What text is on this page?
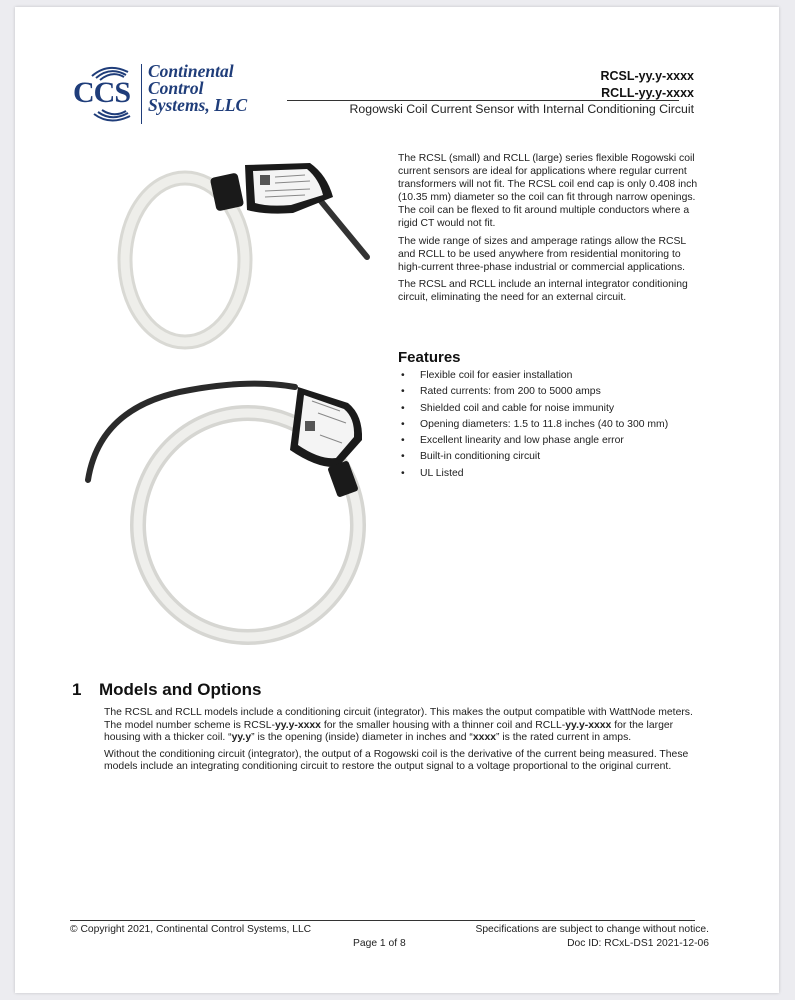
CCS
Continental
Control
Systems, LLC
RCSL-yy.y-xxxx
RCLL-yy.y-xxxx
Rogowski Coil Current Sensor with Internal Conditioning Circuit

The RCSL (small) and RCLL (large) series flexible Rogowski coil current sensors are ideal for applications where regular current transformers will not fit. The RCSL coil end cap is only 0.408 inch (10.35 mm) diameter so the coil can fit through narrow openings. The coil can be flexed to fit around multiple conductors where a rigid CT would not fit.

The wide range of sizes and amperage ratings allow the RCSL and RCLL to be used anywhere from residential monitoring to high-current three-phase industrial or commercial applications.

The RCSL and RCLL include an internal integrator conditioning circuit, eliminating the need for an external circuit.

Features
• Flexible coil for easier installation
• Rated currents: from 200 to 5000 amps
• Shielded coil and cable for noise immunity
• Opening diameters: 1.5 to 11.8 inches (40 to 300 mm)
• Excellent linearity and low phase angle error
• Built-in conditioning circuit
• UL Listed
1 Models and Options

The RCSL and RCLL models include a conditioning circuit (integrator). This makes the output compatible with WattNode meters. The model number scheme is RCSL-yy.y-xxxx for the smaller housing with a thinner coil and RCLL-yy.y-xxxx for the larger housing with a thicker coil. “yy.y” is the opening (inside) diameter in inches and “xxxx” is the rated current in amps.

Without the conditioning circuit (integrator), the output of a Rogowski coil is the derivative of the current being measured. These models include an integrating conditioning circuit to restore the output signal to a voltage proportional to the original current.

© Copyright 2021, Continental Control Systems, LLC
Page 1 of 8
Specifications are subject to change without notice.
Doc ID: RCxL-DS1 2021-12-06
